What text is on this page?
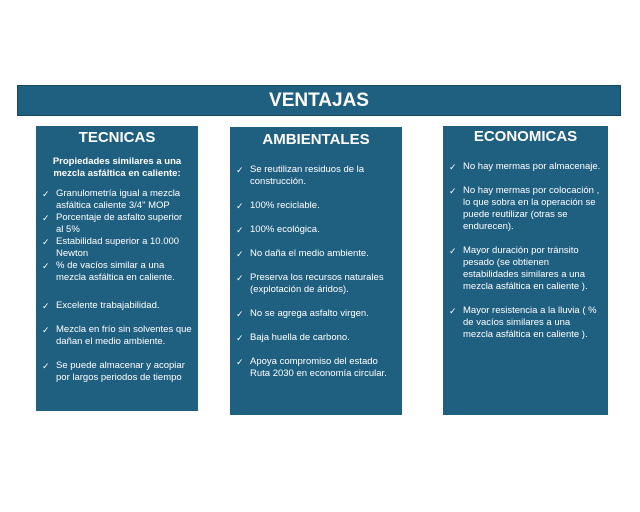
VENTAJAS
TECNICAS
Propiedades similares a una mezcla asfáltica en caliente:
✓ Granulometría igual a mezcla asfáltica caliente 3/4" MOP
✓ Porcentaje de asfalto superior al 5%
✓ Estabilidad superior a 10.000 Newton
✓ % de vacíos similar a una mezcla asfáltica en caliente.
✓ Excelente trabajabilidad.
✓ Mezcla en frío sin solventes que dañan el medio ambiente.
✓ Se puede almacenar y acopiar por largos periodos de tiempo
AMBIENTALES
✓ Se reutilizan residuos de la construcción.
✓ 100% reciclable.
✓ 100% ecológica.
✓ No daña el medio ambiente.
✓ Preserva los recursos naturales (explotación de áridos).
✓ No se agrega asfalto virgen.
✓ Baja huella de carbono.
✓ Apoya compromiso del estado Ruta 2030 en economía circular.
ECONOMICAS
✓ No hay mermas por almacenaje.
✓ No hay mermas por colocación , lo que sobra en la operación se puede reutilizar (otras se endurecen).
✓ Mayor duración por tránsito pesado (se obtienen estabilidades similares a una mezcla asfáltica en caliente ).
✓ Mayor resistencia a la lluvia ( % de vacíos similares a una mezcla asfáltica en caliente ).
